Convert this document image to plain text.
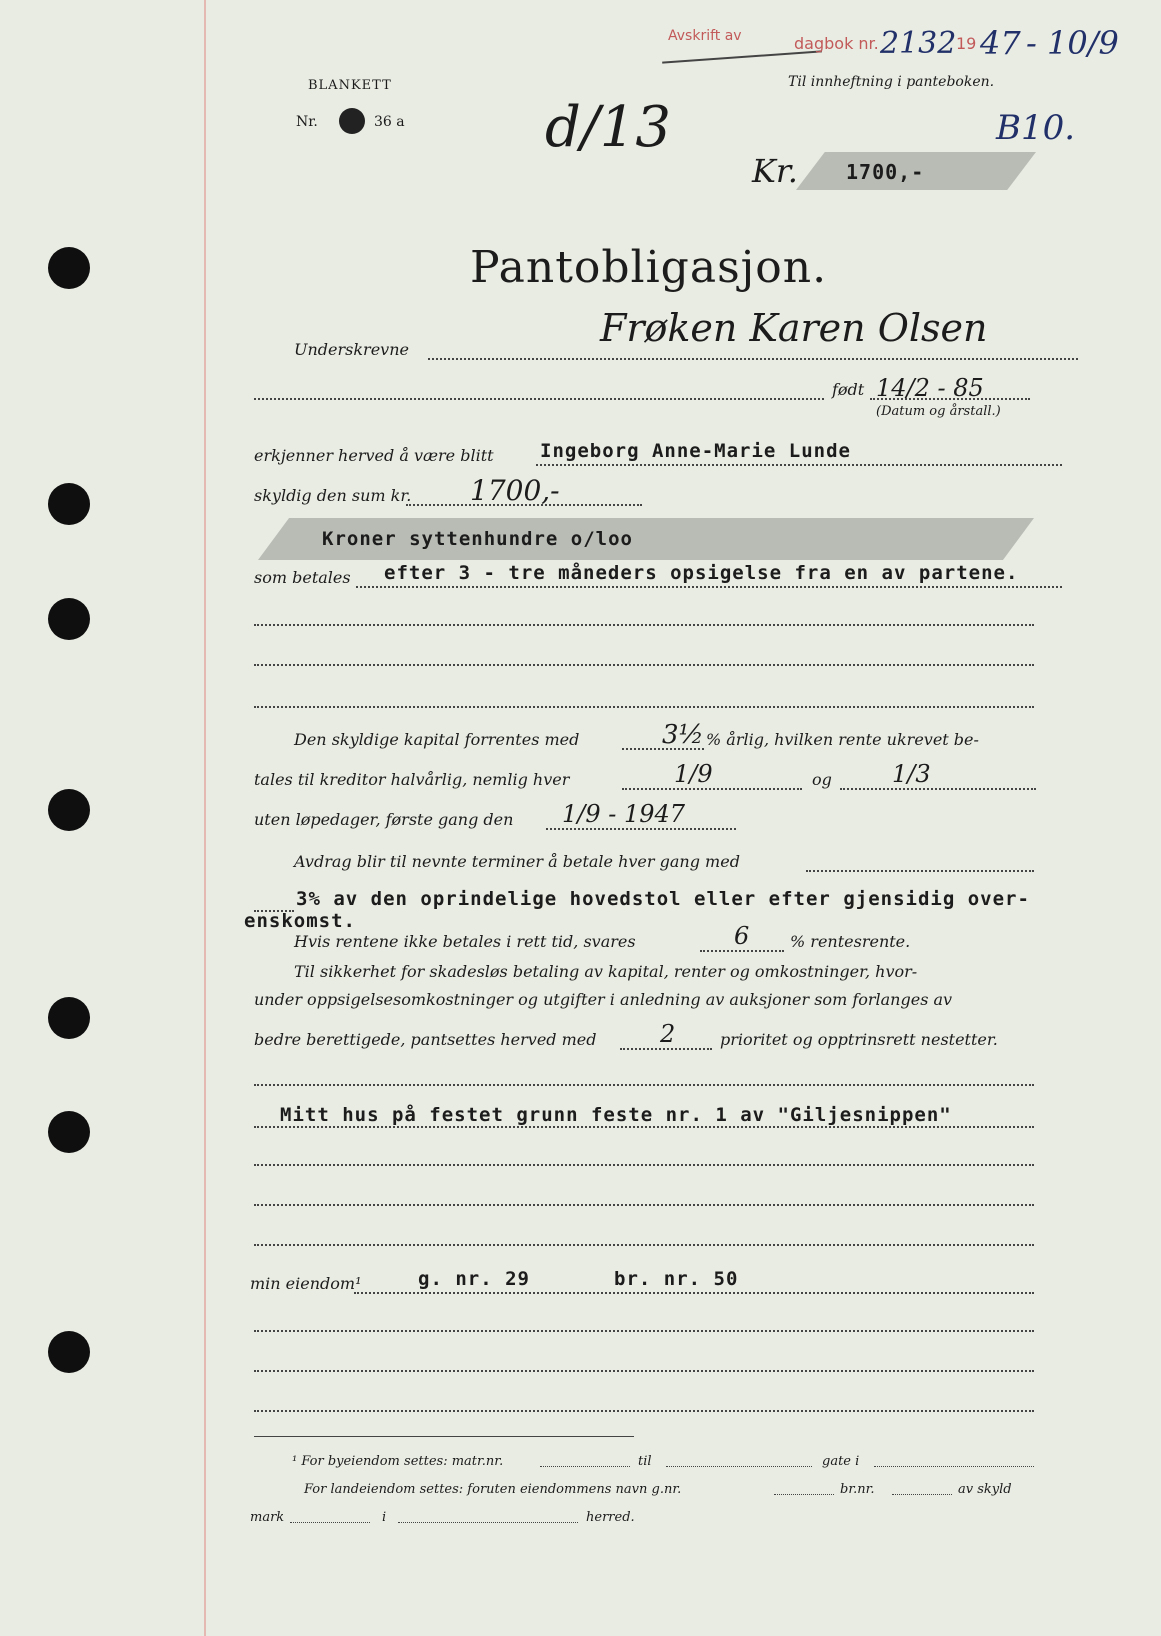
Avskrift av	dagbok nr. 2132 19 47 - 10/9
Til innheftning i panteboken.
BLANKETT
Nr.	36 a	d/13	B10.
Kr. 1700,-
Pantobligasjon.
Underskrevne	Frøken Karen Olsen
født 14/2 - 85
(Datum og årstall.)
erkjenner herved å være blitt Ingeborg Anne-Marie Lunde
skyldig den sum kr. 1700,-
Kroner syttenhundre o/loo
som betales efter 3 - tre måneders opsigelse fra en av partene.
Den skyldige kapital forrentes med	3½ % årlig, hvilken rente ukrevet be-
tales til kreditor halvårlig, nemlig hver	1/9	og	1/3
uten løpedager, første gang den 1/9 - 1947
Avdrag blir til nevnte terminer å betale hver gang med
3% av den oprindelige hovedstol eller efter gjensidig over-
enskomst.
Hvis rentene ikke betales i rett tid, svares	6	% rentesrente.
Til sikkerhet for skadesløs betaling av kapital, renter og omkostninger, hvor-
under oppsigelsesomkostninger og utgifter i anledning av auksjoner som forlanges av
bedre berettigede, pantsettes herved med	2	prioritet og opptrinsrett nestetter.
Mitt hus på festet grunn feste nr. 1 av "Giljesnippen"
min eiendom¹	g. nr. 29	br. nr. 50
¹ For byeiendom settes: matr.nr.	til	gate i
For landeiendom settes: foruten eiendommens navn g.nr.	br.nr.	av skyld
mark	i	herred.
